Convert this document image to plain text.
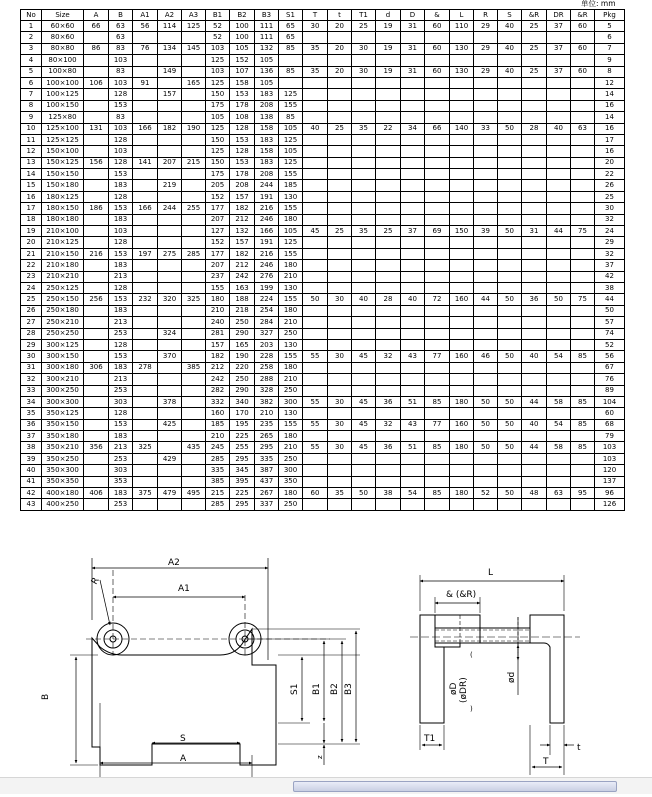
单位: mm
No	Size	A	B	A1	A2	A3	B1	B2	B3	S1	T	t	T1	d	D	&	L	R	S	&R	DR	&R	Pkg
1	60×60	66	63	56	114	125	52	100	111	65	30	20	25	19	31	60	110	29	40	25	37	60	5
2	80×60		63				52	100	111	65													6
3	80×80	86	83	76	134	145	103	105	132	85	35	20	30	19	31	60	130	29	40	25	37	60	7
4	80×100		103				125	152	105														9
5	100×80		83		149		103	107	136	85	35	20	30	19	31	60	130	29	40	25	37	60	8
6	100×100	106	103	91		165	125	158	105														12
7	100×125		128		157		150	153	183	125													14
8	100×150		153				175	178	208	155													16
9	125×80		83				105	108	138	85													14
10	125×100	131	103	166	182	190	125	128	158	105	40	25	35	22	34	66	140	33	50	28	40	63	16
11	125×125		128				150	153	183	125													17
12	150×100		103				125	128	158	105													16
13	150×125	156	128	141	207	215	150	153	183	125													20
14	150×150		153				175	178	208	155													22
15	150×180		183		219		205	208	244	185													26
16	180×125		128				152	157	191	130													25
17	180×150	186	153	166	244	255	177	182	216	155													30
18	180×180		183				207	212	246	180													32
19	210×100		103				127	132	166	105	45	25	35	25	37	69	150	39	50	31	44	75	24
20	210×125		128				152	157	191	125													29
21	210×150	216	153	197	275	285	177	182	216	155													32
22	210×180		183				207	212	246	180													37
23	210×210		213				237	242	276	210													42
24	250×125		128				155	163	199	130													38
25	250×150	256	153	232	320	325	180	188	224	155	50	30	40	28	40	72	160	44	50	36	50	75	44
26	250×180		183				210	218	254	180													50
27	250×210		213				240	250	284	210													57
28	250×250		253		324		281	290	327	250													74
29	300×125		128				157	165	203	130													52
30	300×150		153		370		182	190	228	155	55	30	45	32	43	77	160	46	50	40	54	85	56
31	300×180	306	183	278		385	212	220	258	180													67
32	300×210		213				242	250	288	210													76
33	300×250		253				282	290	328	250													89
34	300×300		303		378		332	340	382	300	55	30	45	36	51	85	180	50	50	44	58	85	104
35	350×125		128				160	170	210	130													60
36	350×150		153		425		185	195	235	155	55	30	45	32	43	77	160	50	50	40	54	85	68
37	350×180		183				210	225	265	180													79
38	350×210	356	213	325		435	245	255	295	210	55	30	45	36	51	85	180	50	50	44	58	85	103
39	350×250		253		429		285	295	335	250													103
40	350×300		303				335	345	387	300													120
41	350×350		353				385	395	437	350													137
42	400×180	406	183	375	479	495	215	225	267	180	60	35	50	38	54	85	180	52	50	48	63	95	96
43	400×250		253				285	295	337	250													126
A2
A1
R
B
S1 B1 B2 B3
S
A	z
L
& (&R)
(
øD (øDR)
)
ød
T1
t
T
